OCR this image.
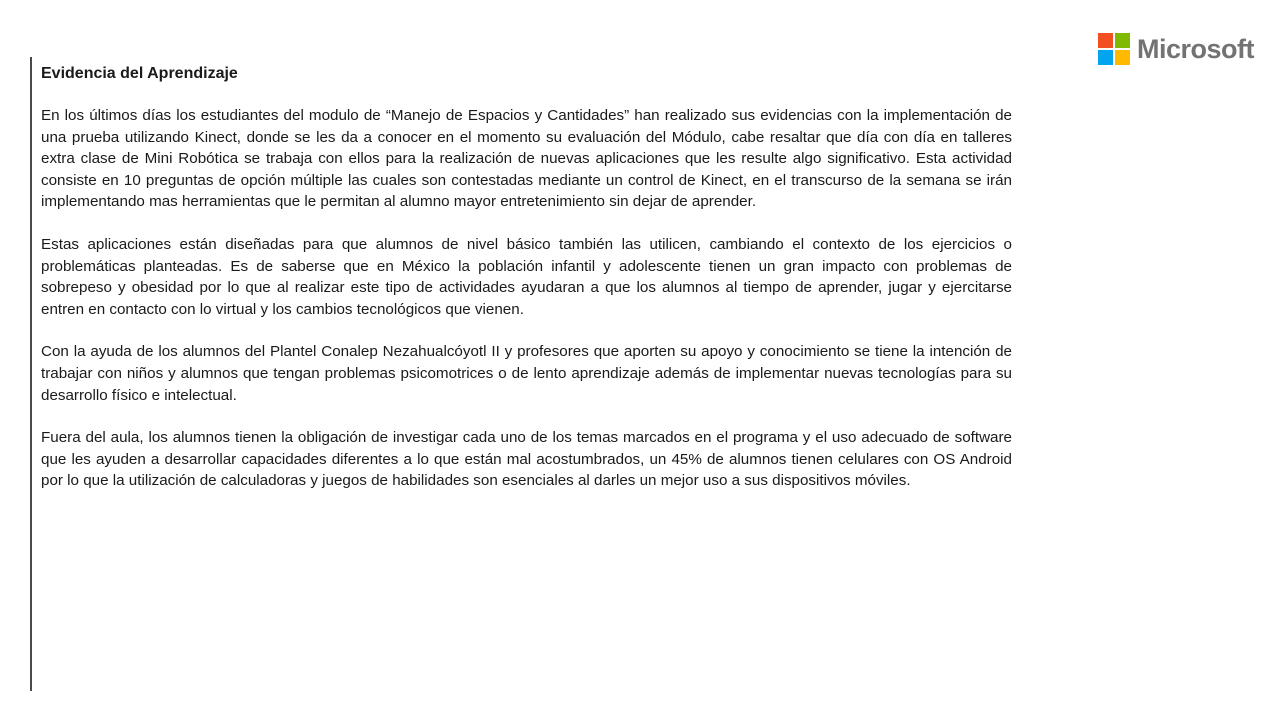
Microsoft
Evidencia del Aprendizaje

En los últimos días los estudiantes del modulo de “Manejo de Espacios y Cantidades” han realizado sus evidencias con la implementación de una prueba utilizando Kinect, donde se les da a conocer en el momento su evaluación del Módulo, cabe resaltar que día con día en talleres extra clase de Mini Robótica se trabaja con ellos para la realización de nuevas aplicaciones que les resulte algo significativo. Esta actividad consiste en 10 preguntas de opción múltiple las cuales son contestadas mediante un control de Kinect, en el transcurso de la semana se irán implementando mas herramientas que le permitan al alumno mayor entretenimiento sin dejar de aprender.

Estas aplicaciones están diseñadas para que alumnos de nivel básico también las utilicen, cambiando el contexto de los ejercicios o problemáticas planteadas. Es de saberse que en México la población infantil y adolescente tienen un gran impacto con problemas de sobrepeso y obesidad por lo que al realizar este tipo de actividades ayudaran a que los alumnos al tiempo de aprender, jugar y ejercitarse entren en contacto con lo virtual y los cambios tecnológicos que vienen.

Con la ayuda de los alumnos del Plantel Conalep Nezahualcóyotl II y profesores que aporten su apoyo y conocimiento se tiene la intención de trabajar con niños y alumnos que tengan problemas psicomotrices o de lento aprendizaje además de implementar nuevas tecnologías para su desarrollo físico e intelectual.

Fuera del aula, los alumnos tienen la obligación de investigar cada uno de los temas marcados en el programa y el uso adecuado de software que les ayuden a desarrollar capacidades diferentes a lo que están mal acostumbrados, un 45% de alumnos tienen celulares con OS Android por lo que la utilización de calculadoras y juegos de habilidades son esenciales al darles un mejor uso a sus dispositivos móviles.
